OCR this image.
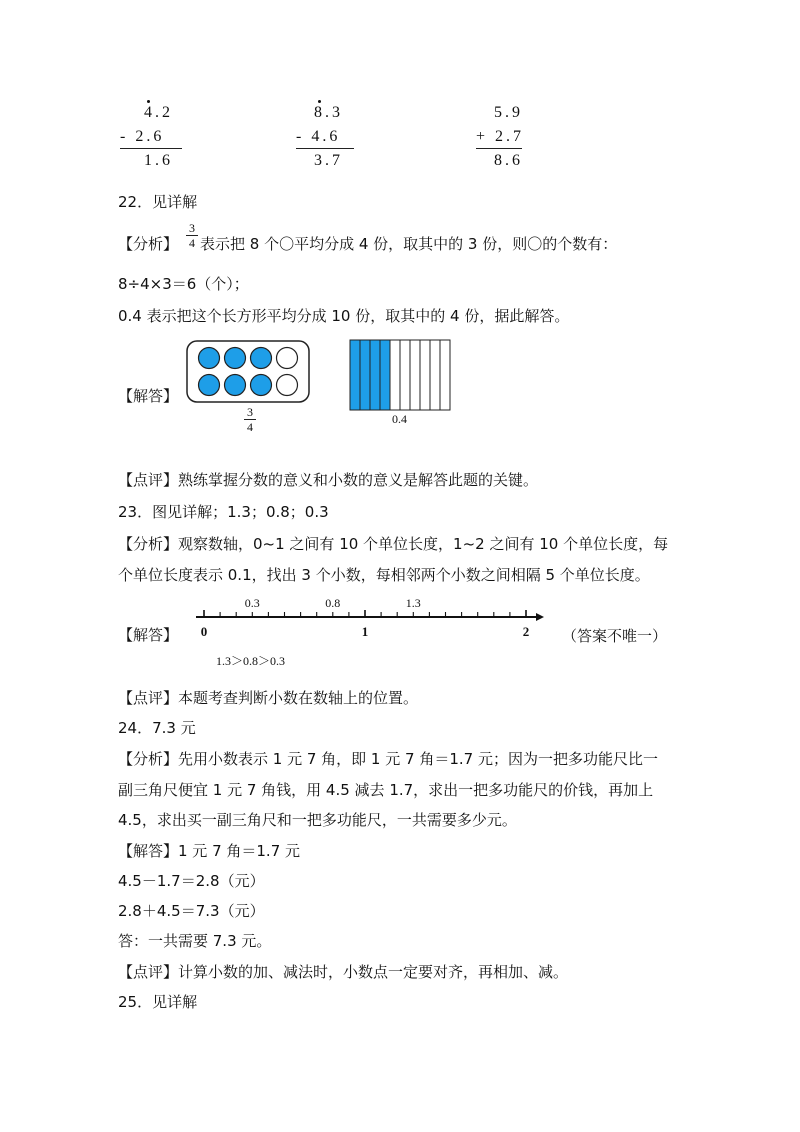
4.2
- 2.6
1.6
8.3
- 4.6
3.7
5.9
+ 2.7
8.6
22．见详解
【分析】
3
4 表示把 8 个〇平均分成 4 份，取其中的 3 份，则〇的个数有：
8÷4×3＝6（个）；
0.4 表示把这个长方形平均分成 10 份，取其中的 4 份，据此解答。
【解答】
3
4
0.4
【点评】熟练掌握分数的意义和小数的意义是解答此题的关键。
23．图见详解；1.3；0.8；0.3
【分析】观察数轴，0~1 之间有 10 个单位长度，1~2 之间有 10 个单位长度，每
个单位长度表示 0.1，找出 3 个小数，每相邻两个小数之间相隔 5 个单位长度。
【解答】 0	1	2
0.3	0.8	1.3
（答案不唯一）
1.3＞0.8＞0.3
【点评】本题考查判断小数在数轴上的位置。
24．7.3 元
【分析】先用小数表示 1 元 7 角，即 1 元 7 角＝1.7 元；因为一把多功能尺比一
副三角尺便宜 1 元 7 角钱，用 4.5 减去 1.7，求出一把多功能尺的价钱，再加上
4.5，求出买一副三角尺和一把多功能尺，一共需要多少元。
【解答】1 元 7 角＝1.7 元
4.5－1.7＝2.8（元）
2.8＋4.5＝7.3（元）
答：一共需要 7.3 元。
【点评】计算小数的加、减法时，小数点一定要对齐，再相加、减。
25．见详解
